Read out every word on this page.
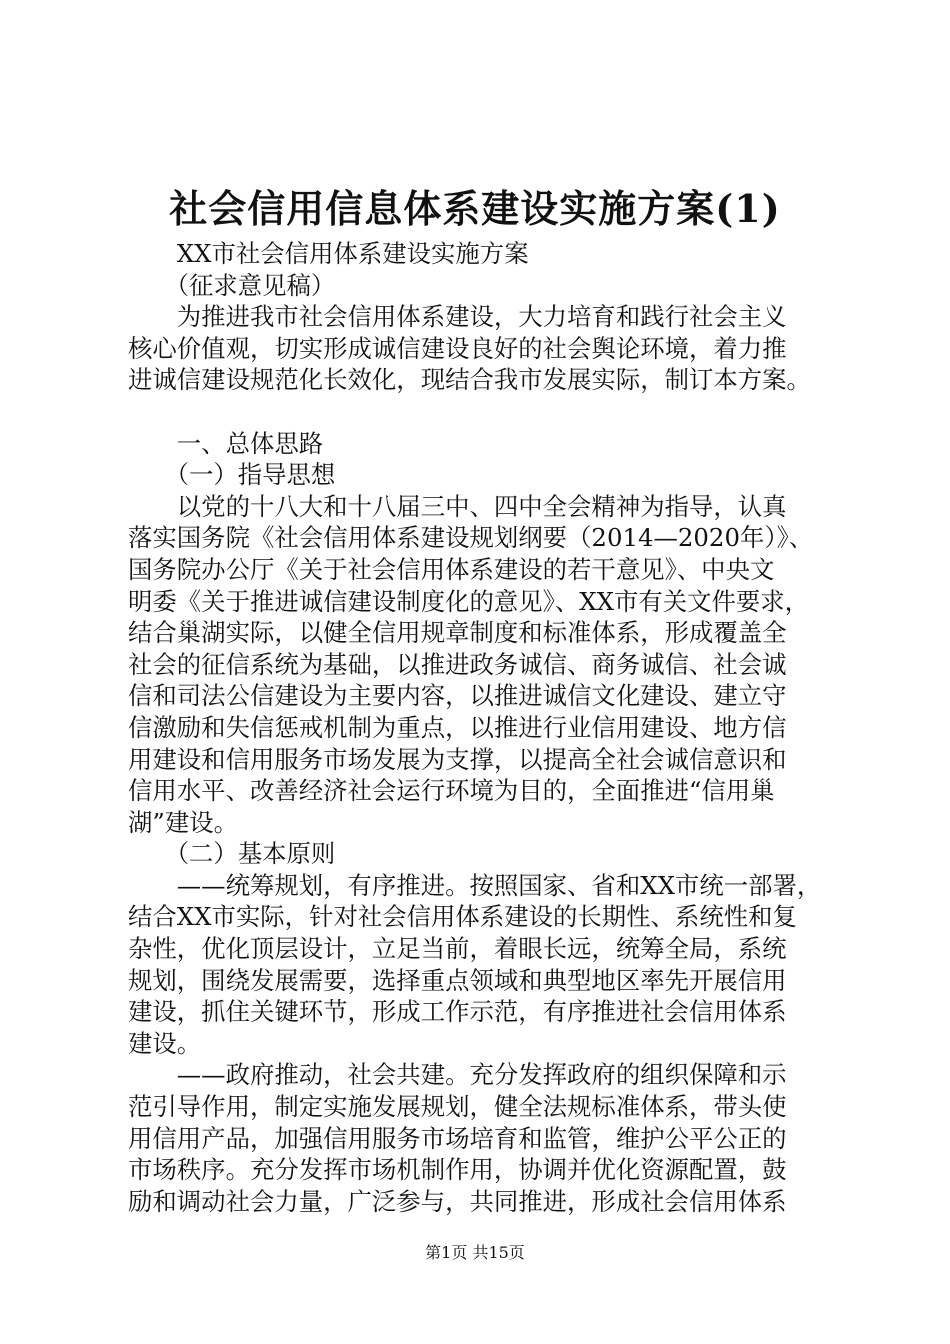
社会信用信息体系建设实施方案(1)
　　XX市社会信用体系建设实施方案
　　（征求意见稿）
　　为推进我市社会信用体系建设，大力培育和践行社会主义
核心价值观，切实形成诚信建设良好的社会舆论环境，着力推
进诚信建设规范化长效化，现结合我市发展实际，制订本方案。
　　一、总体思路
　　（一）指导思想
　　以党的十八大和十八届三中、四中全会精神为指导，认真
落实国务院《社会信用体系建设规划纲要（2014—2020年）》、
国务院办公厅《关于社会信用体系建设的若干意见》、中央文
明委《关于推进诚信建设制度化的意见》、XX市有关文件要求，
结合巢湖实际，以健全信用规章制度和标准体系，形成覆盖全
社会的征信系统为基础，以推进政务诚信、商务诚信、社会诚
信和司法公信建设为主要内容，以推进诚信文化建设、建立守
信激励和失信惩戒机制为重点，以推进行业信用建设、地方信
用建设和信用服务市场发展为支撑，以提高全社会诚信意识和
信用水平、改善经济社会运行环境为目的，全面推进“信用巢
湖”建设。
　　（二）基本原则
　　——统筹规划，有序推进。按照国家、省和XX市统一部署，
结合XX市实际，针对社会信用体系建设的长期性、系统性和复
杂性，优化顶层设计，立足当前，着眼长远，统筹全局，系统
规划，围绕发展需要，选择重点领域和典型地区率先开展信用
建设，抓住关键环节，形成工作示范，有序推进社会信用体系
建设。
　　——政府推动，社会共建。充分发挥政府的组织保障和示
范引导作用，制定实施发展规划，健全法规标准体系，带头使
用信用产品，加强信用服务市场培育和监管，维护公平公正的
市场秩序。充分发挥市场机制作用，协调并优化资源配置，鼓
励和调动社会力量，广泛参与，共同推进，形成社会信用体系
第1页 共15页
